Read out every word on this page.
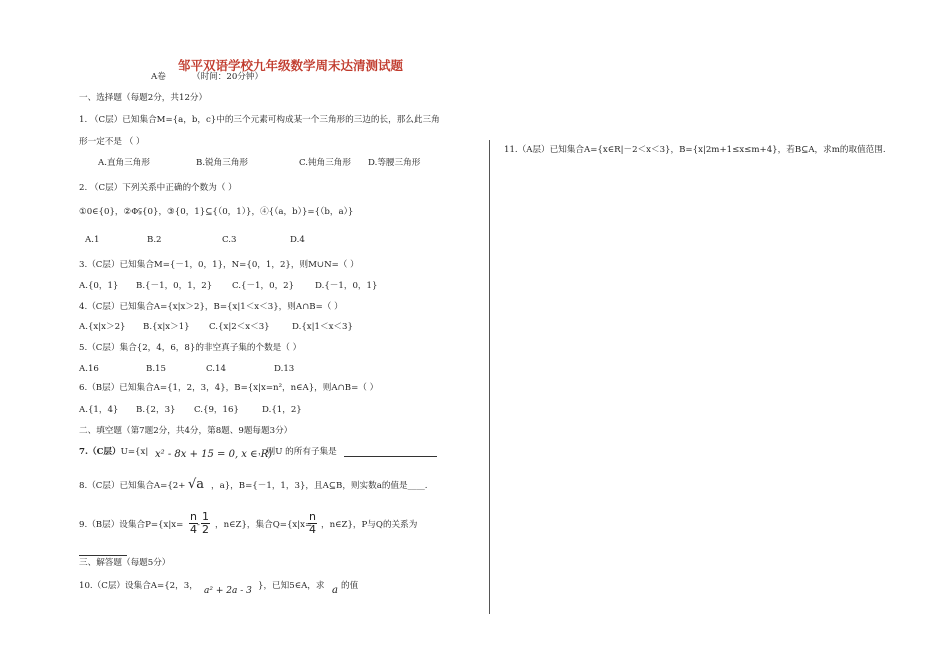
邹平双语学校九年级数学周末达清测试题
A卷	（时间：20分钟）
一、选择题（每题2分，共12分）
1. （C层）已知集合M={a，b，c}中的三个元素可构成某一个三角形的三边的长，那么此三角
形一定不是 （ ）
A.直角三角形	B.锐角三角形	C.钝角三角形 D.等腰三角形
2. （C层）下列关系中正确的个数为（ ）
①0∈{0}，②Φ⫋{0}，③{0，1}⊆{（0，1）}，④{（a，b）}={（b，a）}
A.1	B.2	C.3	D.4
3.（C层）已知集合M={－1，0，1}，N={0，1，2}，则M∪N=（ ）
A.{0，1} B.{－1，0，1，2} C.{－1，0，2} D.{－1，0，1}
4.（C层）已知集合A={x|x＞2}，B={x|1＜x＜3}，则A∩B=（ ）
A.{x|x＞2} B.{x|x＞1} C.{x|2＜x＜3}	D.{x|1＜x＜3}
5.（C层）集合{2，4，6，8}的非空真子集的个数是（ ）
A.16	B.15	C.14	D.13
6.（B层）已知集合A={1，2，3，4}，B={x|x=n²，n∈A}，则A∩B=（ ）
A.{1，4} B.{2，3} C.{9，16}	D.{1，2}
二、填空题（第7题2分，共4分，第8题、9题每题3分）
7.（C层）U={x| x² - 8x + 15 = 0, x ∈ R)
，则U 的所有子集是
8.（C层）已知集合A={2+ √a ，a}，B={－1，1，3}，且A⊆B，则实数a的值是____.
9.（B层）设集合$P=\{x|x= \frac{n}{4} - \frac{1}{2}$ ，n∈Z}，集合Q={x|x=
$\frac{n}{4}$ ，n∈Z}，P与Q的关系为
三、解答题（每题5分）
10.（C层）设集合A={2，3， a² + 2a - 3 }，已知5∈A，求 a 的值
11.（A层）已知集合A={x∈R|－2＜x＜3}，B={x|2m+1≤x≤m+4}，若B⊆A，求m的取值范围.
